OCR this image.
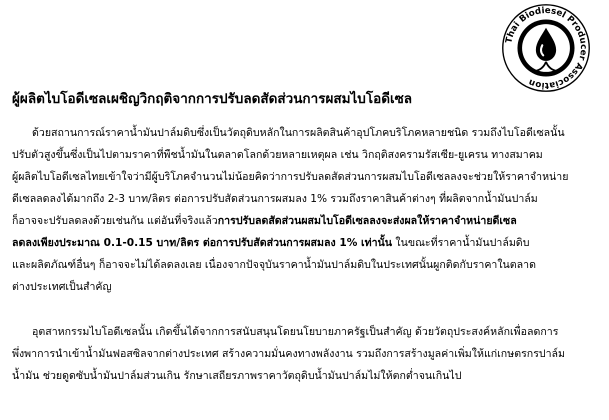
Thai Biodiesel Producer Association
ผู้ผลิตไบโอดีเซลเผชิญวิกฤติจากการปรับลดสัดส่วนการผสมไบโอดีเซล
ด้วยสถานการณ์ราคาน้ำมันปาล์มดิบซึ่งเป็นวัตถุดิบหลักในการผลิตสินค้าอุปโภคบริโภคหลายชนิด รวมถึงไบโอดีเซลนั้น
ปรับตัวสูงขึ้นซึ่งเป็นไปตามราคาที่พืชน้ำมันในตลาดโลกด้วยหลายเหตุผล เช่น วิกฤติสงครามรัสเซีย-ยูเครน ทางสมาคม
ผู้ผลิตไบโอดีเซลไทยเข้าใจว่ามีผู้บริโภคจำนวนไม่น้อยคิดว่าการปรับลดสัดส่วนการผสมไบโอดีเซลลงจะช่วยให้ราคาจำหน่าย
ดีเซลลดลงได้มากถึง 2-3 บาท/ลิตร ต่อการปรับสัดส่วนการผสมลง 1% รวมถึงราคาสินค้าต่างๆ ที่ผลิตจากน้ำมันปาล์ม
ก็อาจจะปรับลดลงด้วยเช่นกัน แต่อันที่จริงแล้วการปรับลดสัดส่วนผสมไบโอดีเซลลงจะส่งผลให้ราคาจำหน่ายดีเซล
ลดลงเพียงประมาณ 0.1-0.15 บาท/ลิตร ต่อการปรับสัดส่วนการผสมลง 1% เท่านั้น ในขณะที่ราคาน้ำมันปาล์มดิบ
และผลิตภัณฑ์อื่นๆ ก็อาจจะไม่ได้ลดลงเลย เนื่องจากปัจจุบันราคาน้ำมันปาล์มดิบในประเทศนั้นผูกติดกับราคาในตลาด
ต่างประเทศเป็นสำคัญ
อุตสาหกรรมไบโอดีเซลนั้น เกิดขึ้นได้จากการสนับสนุนโดยนโยบายภาครัฐเป็นสำคัญ ด้วยวัตถุประสงค์หลักเพื่อลดการ
พึ่งพาการนำเข้าน้ำมันฟอสซิลจากต่างประเทศ สร้างความมั่นคงทางพลังงาน รวมถึงการสร้างมูลค่าเพิ่มให้แก่เกษตรกรปาล์ม
น้ำมัน ช่วยดูดซับน้ำมันปาล์มส่วนเกิน รักษาเสถียรภาพราคาวัตถุดิบน้ำมันปาล์มไม่ให้ตกต่ำจนเกินไป
